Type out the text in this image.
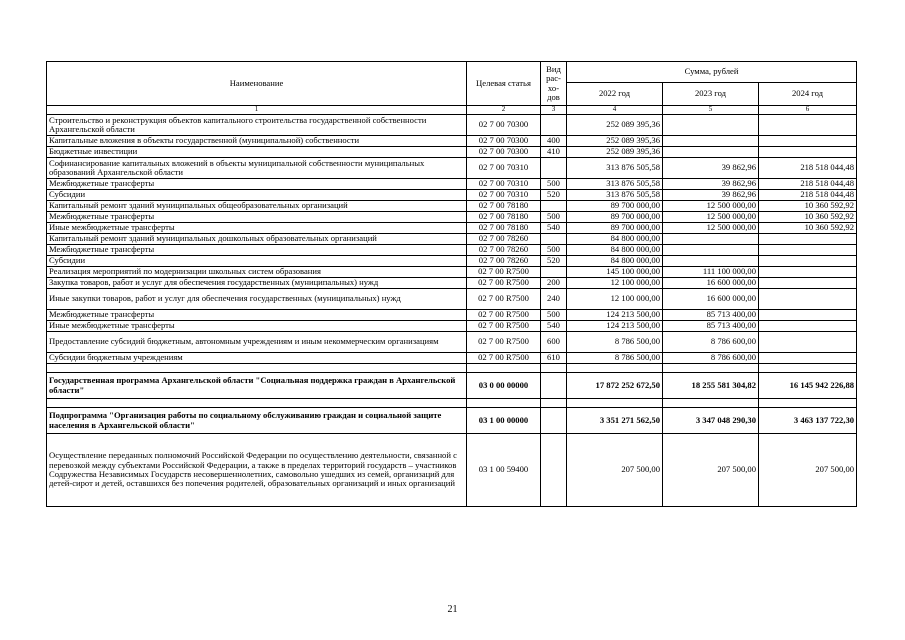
Наименование	Целевая статья	Вид рас-хо-дов	Сумма, рублей		
			2022 год	2023 год	2024 год
1	2	3	4	5	6
Строительство и реконструкция объектов капитального строительства государственной собственности Архангельской области	02 7 00 70300		252 089 395,36		
Капитальные вложения в объекты государственной (муниципальной) собственности	02 7 00 70300	400	252 089 395,36		
Бюджетные инвестиции	02 7 00 70300	410	252 089 395,36		
Софинансирование капитальных вложений в объекты муниципальной собственности муниципальных образований Архангельской области	02 7 00 70310		313 876 505,58	39 862,96	218 518 044,48
Межбюджетные трансферты	02 7 00 70310	500	313 876 505,58	39 862,96	218 518 044,48
Субсидии	02 7 00 70310	520	313 876 505,58	39 862,96	218 518 044,48
Капитальный ремонт зданий муниципальных общеобразовательных организаций	02 7 00 78180		89 700 000,00	12 500 000,00	10 360 592,92
Межбюджетные трансферты	02 7 00 78180	500	89 700 000,00	12 500 000,00	10 360 592,92
Иные межбюджетные трансферты	02 7 00 78180	540	89 700 000,00	12 500 000,00	10 360 592,92
Капитальный ремонт зданий муниципальных дошкольных образовательных организаций	02 7 00 78260		84 800 000,00		
Межбюджетные трансферты	02 7 00 78260	500	84 800 000,00		
Субсидии	02 7 00 78260	520	84 800 000,00		
Реализация мероприятий по модернизации школьных систем образования	02 7 00 R7500		145 100 000,00	111 100 000,00	
Закупка товаров, работ и услуг для обеспечения государственных (муниципальных) нужд	02 7 00 R7500	200	12 100 000,00	16 600 000,00	
Иные закупки товаров, работ и услуг для обеспечения государственных (муниципальных) нужд	02 7 00 R7500	240	12 100 000,00	16 600 000,00	
Межбюджетные трансферты	02 7 00 R7500	500	124 213 500,00	85 713 400,00	
Иные межбюджетные трансферты	02 7 00 R7500	540	124 213 500,00	85 713 400,00	
Предоставление субсидий бюджетным, автономным учреждениям и иным некоммерческим организациям	02 7 00 R7500	600	8 786 500,00	8 786 600,00	
Субсидии бюджетным учреждениям	02 7 00 R7500	610	8 786 500,00	8 786 600,00	

Государственная программа Архангельской области "Социальная поддержка граждан в Архангельской области"	03 0 00 00000		17 872 252 672,50	18 255 581 304,82	16 145 942 226,88

Подпрограмма "Организация работы по социальному обслуживанию граждан и социальной защите населения в Архангельской области"	03 1 00 00000		3 351 271 562,50	3 347 048 290,30	3 463 137 722,30
Осуществление переданных полномочий Российской Федерации по осуществлению деятельности, связанной с перевозкой между субъектами Российской Федерации, а также в пределах территорий государств – участников Содружества Независимых Государств несовершеннолетних, самовольно ушедших из семей, организаций для детей-сирот и детей, оставшихся без попечения родителей, образовательных организаций и иных организаций	03 1 00 59400		207 500,00	207 500,00	207 500,00
21
